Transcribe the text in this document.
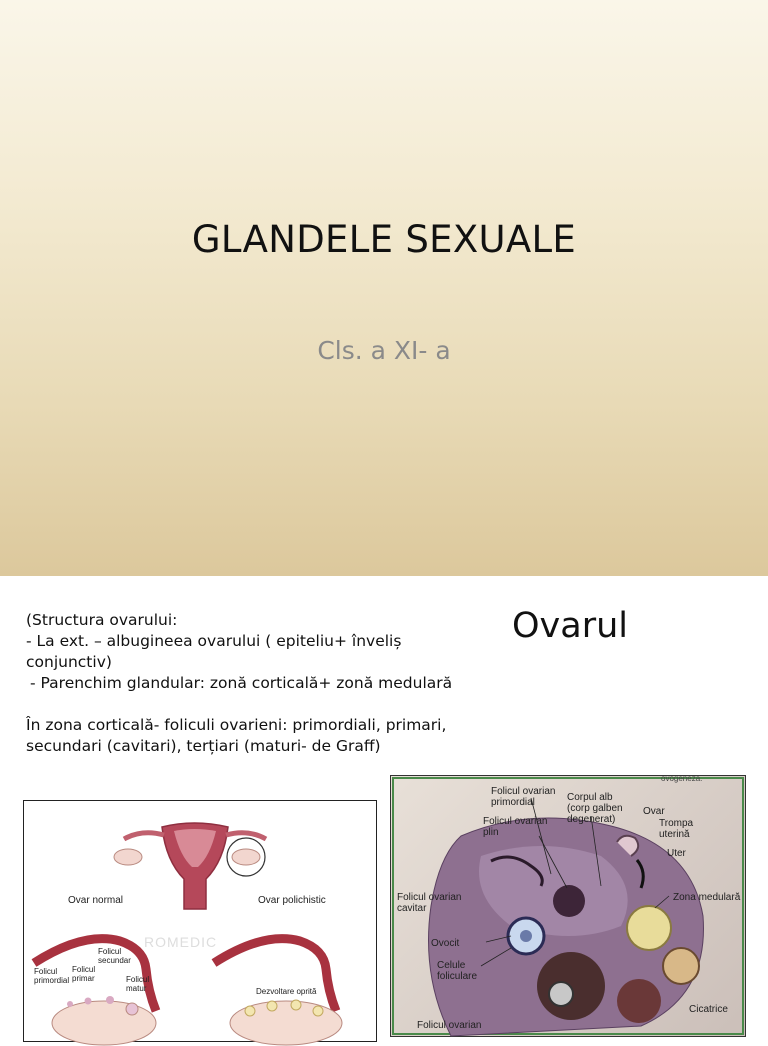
GLANDELE SEXUALE
Cls. a XI- a
Ovarul
(Structura ovarului:
- La ext. – albugineea ovarului ( epiteliu+ înveliș
conjunctiv)
- Parenchim glandular: zonă corticală+ zonă medulară
În zona corticală- foliculi ovarieni: primordiali, primari,
secundari (cavitari), terțiari (maturi- de Graff)
Ovar normal	Ovar polichistic
ROMEDIC
Folicul primordial
Folicul primar
Folicul secundar
Folicul matur	Dezvoltare oprită
ovogeneza.
Folicul ovarian primordial	Corpul alb (corp galben degenerat)
Ovar
Trompa uterină
Uter
Folicul ovarian plin
Zona medulară
Folicul ovarian cavitar
Ovocit
Celule foliculare
Cicatrice
Folicul ovarian
